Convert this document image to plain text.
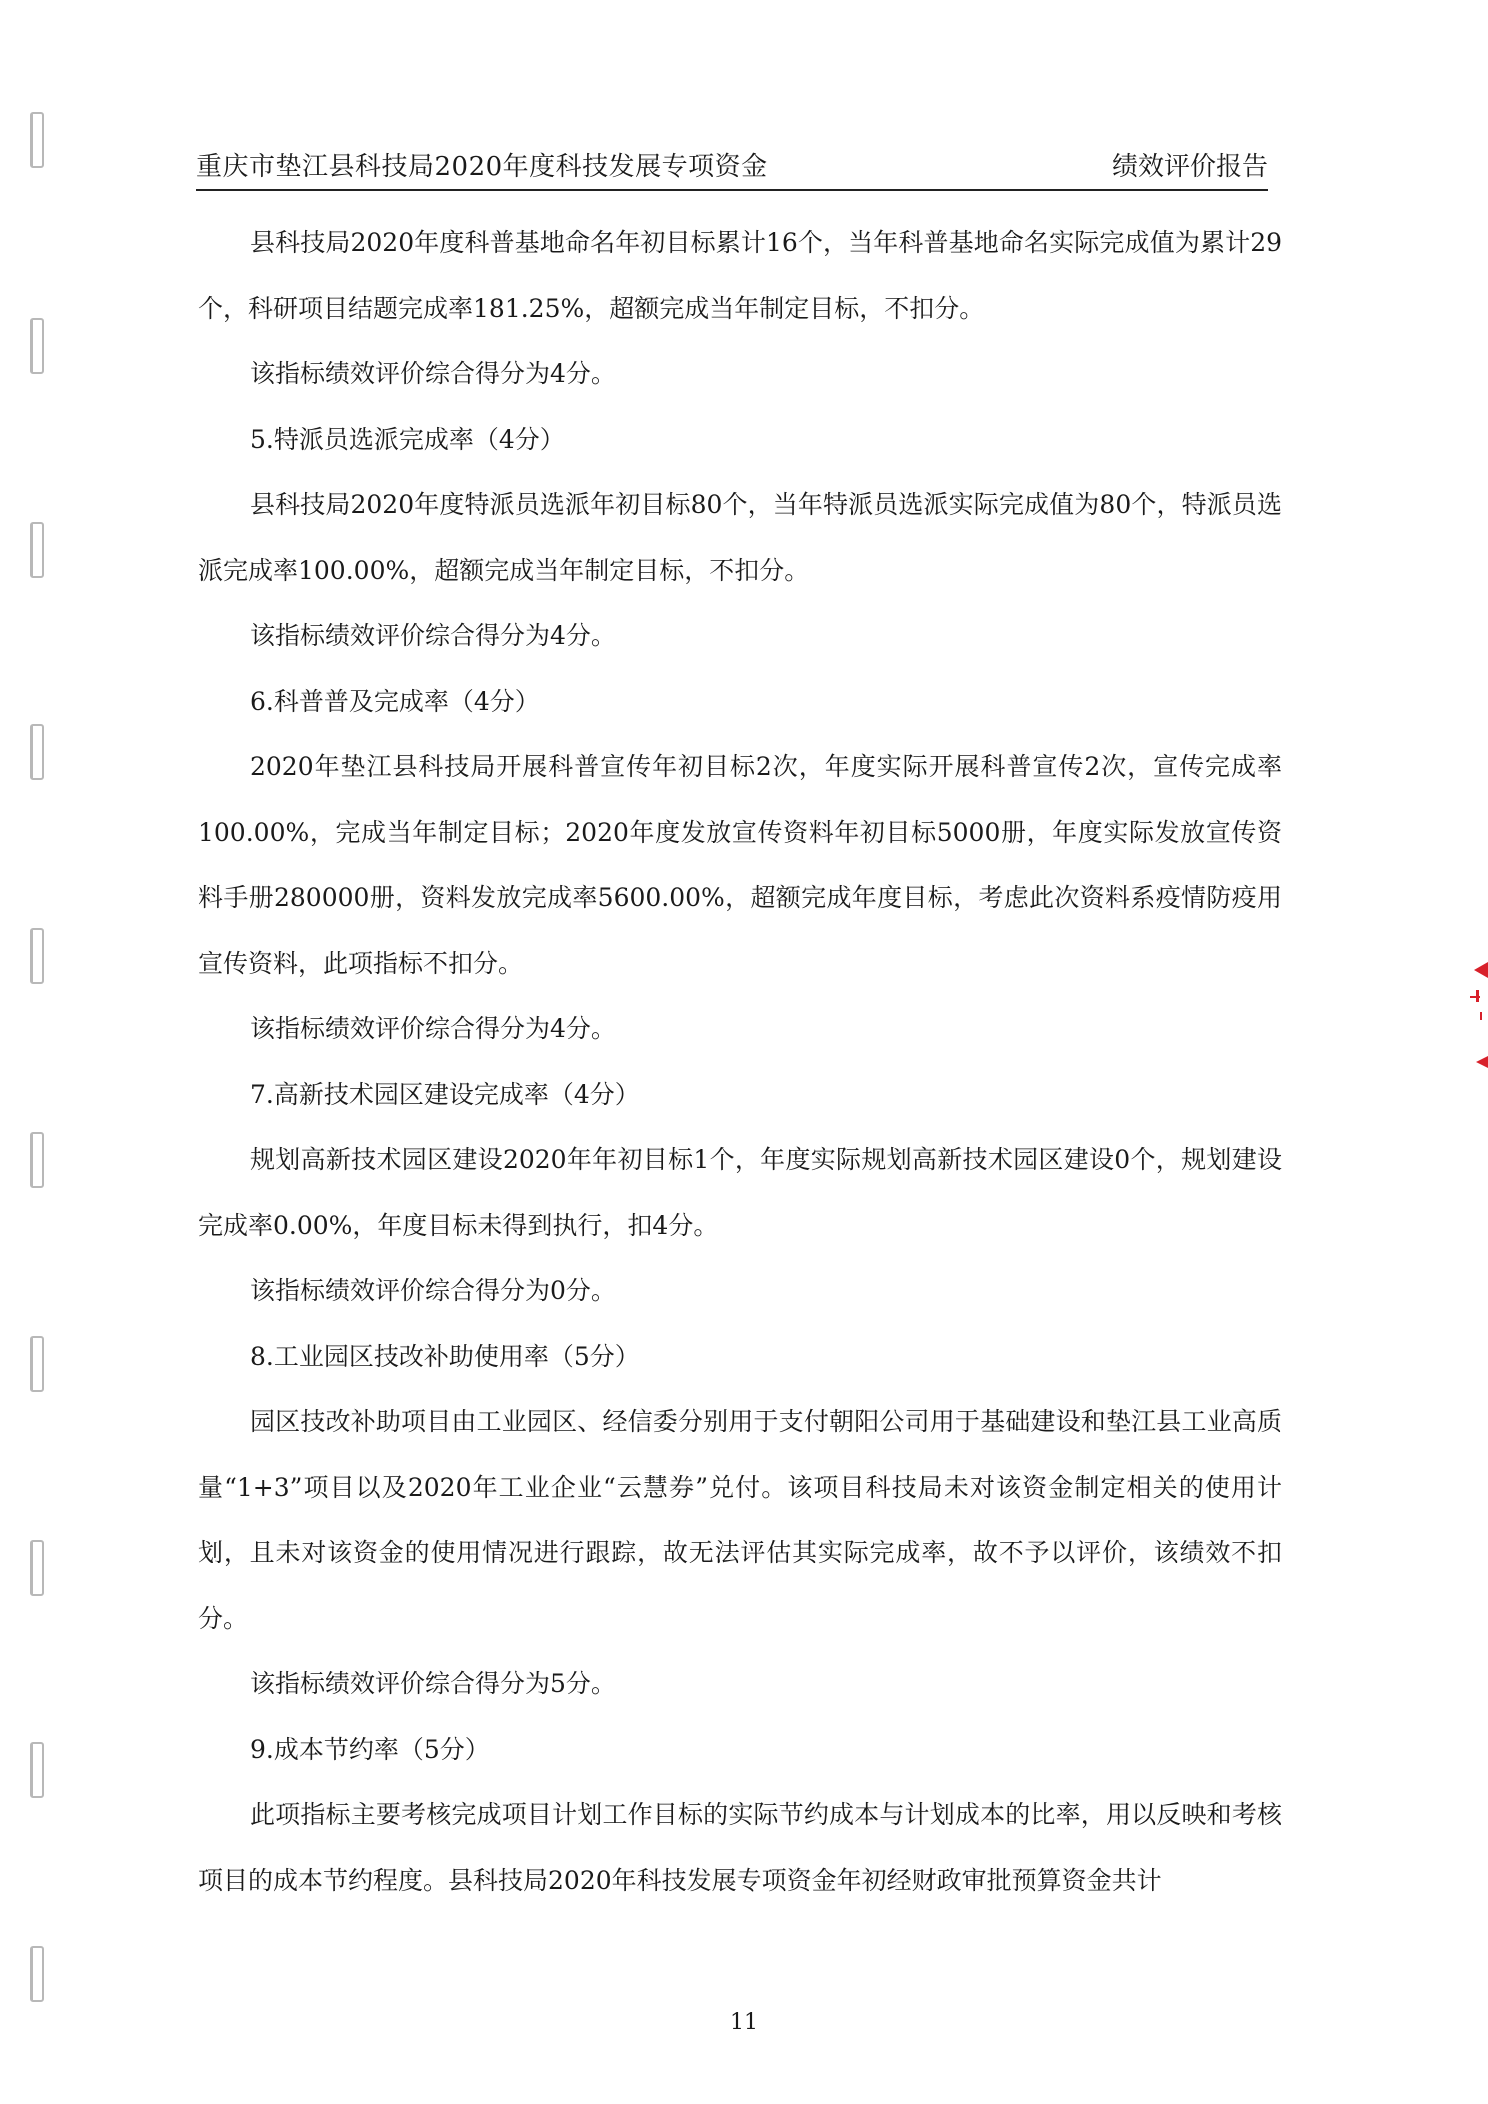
重庆市垫江县科技局2020年度科技发展专项资金	绩效评价报告

县科技局2020年度科普基地命名年初目标累计16个，当年科普基地命名实际完成值为累计29个，科研项目结题完成率181.25%，超额完成当年制定目标，不扣分。

该指标绩效评价综合得分为4分。

5.特派员选派完成率（4分）

县科技局2020年度特派员选派年初目标80个，当年特派员选派实际完成值为80个，特派员选派完成率100.00%，超额完成当年制定目标，不扣分。

该指标绩效评价综合得分为4分。

6.科普普及完成率（4分）

2020年垫江县科技局开展科普宣传年初目标2次，年度实际开展科普宣传2次，宣传完成率100.00%，完成当年制定目标；2020年度发放宣传资料年初目标5000册，年度实际发放宣传资料手册280000册，资料发放完成率5600.00%，超额完成年度目标，考虑此次资料系疫情防疫用宣传资料，此项指标不扣分。

该指标绩效评价综合得分为4分。

7.高新技术园区建设完成率（4分）

规划高新技术园区建设2020年年初目标1个，年度实际规划高新技术园区建设0个，规划建设完成率0.00%，年度目标未得到执行，扣4分。

该指标绩效评价综合得分为0分。

8.工业园区技改补助使用率（5分）

园区技改补助项目由工业园区、经信委分别用于支付朝阳公司用于基础建设和垫江县工业高质量“1+3”项目以及2020年工业企业“云慧券”兑付。该项目科技局未对该资金制定相关的使用计划，且未对该资金的使用情况进行跟踪，故无法评估其实际完成率，故不予以评价，该绩效不扣分。

该指标绩效评价综合得分为5分。

9.成本节约率（5分）

此项指标主要考核完成项目计划工作目标的实际节约成本与计划成本的比率，用以反映和考核项目的成本节约程度。县科技局2020年科技发展专项资金年初经财政审批预算资金共计

11
